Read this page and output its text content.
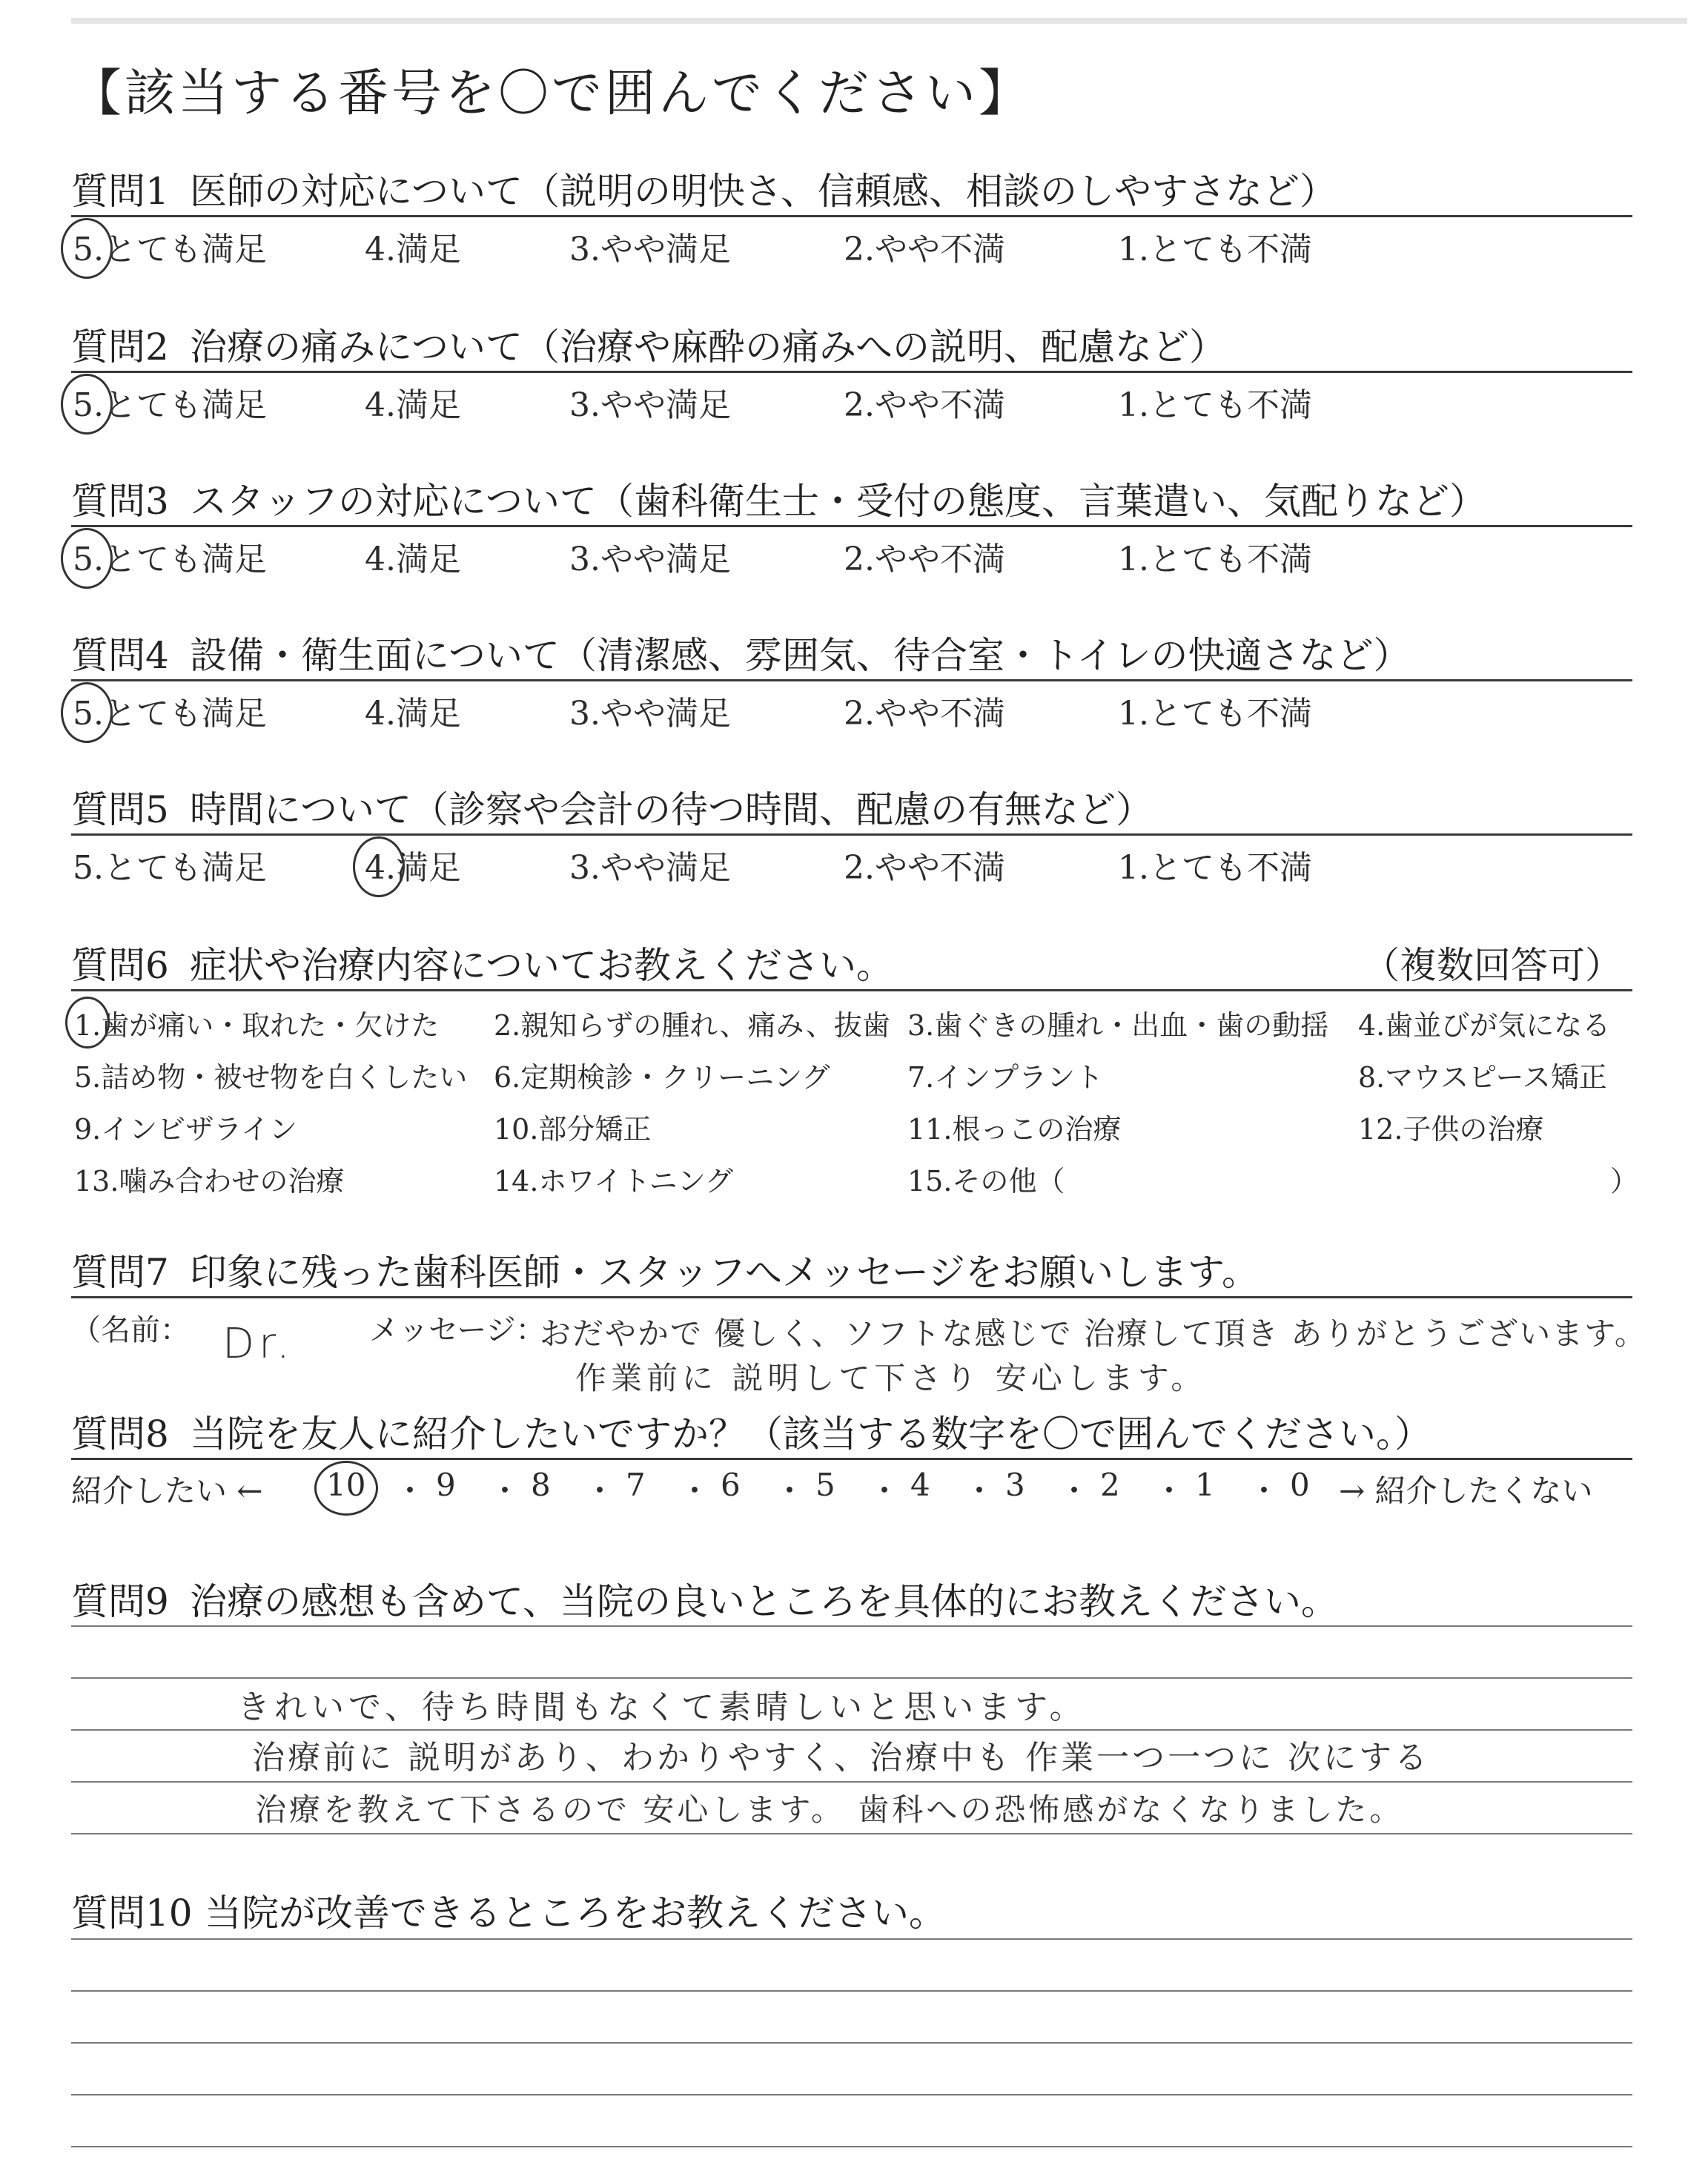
【該当する番号を〇で囲んでください】
質問1 医師の対応について（説明の明快さ、信頼感、相談のしやすさなど）
5.とても満足	4.満足	3.やや満足	2.やや不満	1.とても不満
質問2 治療の痛みについて（治療や麻酔の痛みへの説明、配慮など）
5.とても満足	4.満足	3.やや満足	2.やや不満	1.とても不満
質問3 スタッフの対応について（歯科衛生士・受付の態度、言葉遣い、気配りなど）
5.とても満足	4.満足	3.やや満足	2.やや不満	1.とても不満
質問4 設備・衛生面について（清潔感、雰囲気、待合室・トイレの快適さなど）
5.とても満足	4.満足	3.やや満足	2.やや不満	1.とても不満
質問5 時間について（診察や会計の待つ時間、配慮の有無など）
5.とても満足	4.満足	3.やや満足	2.やや不満	1.とても不満
質問6 症状や治療内容についてお教えください。	（複数回答可）
1.歯が痛い・取れた・欠けた 2.親知らずの腫れ、痛み、抜歯 3.歯ぐきの腫れ・出血・歯の動揺 4.歯並びが気になる
5.詰め物・被せ物を白くしたい 6.定期検診・クリーニング	7.インプラント	8.マウスピース矯正
9.インビザライン	10.部分矯正	11.根っこの治療	12.子供の治療
13.噛み合わせの治療	14.ホワイトニング	15.その他（	）
質問7 印象に残った歯科医師・スタッフへメッセージをお願いします。
（名前： Dr.	メッセージ：
おだやかで 優しく、ソフトな感じで 治療して頂き ありがとうございます。
作業前に 説明して下さり 安心します。
質問8 当院を友人に紹介したいですか？（該当する数字を〇で囲んでください。）
紹介したい ← 10 ・ 9 ・ 8 ・ 7 ・ 6 ・ 5 ・ 4 ・ 3 ・ 2 ・ 1 ・ 0 → 紹介したくない
質問9 治療の感想も含めて、当院の良いところを具体的にお教えください。
きれいで、待ち時間もなくて素晴しいと思います。
治療前に 説明があり、わかりやすく、治療中も 作業一つ一つに 次にする
治療を教えて下さるので 安心します。 歯科への恐怖感がなくなりました。
質問10 当院が改善できるところをお教えください。
